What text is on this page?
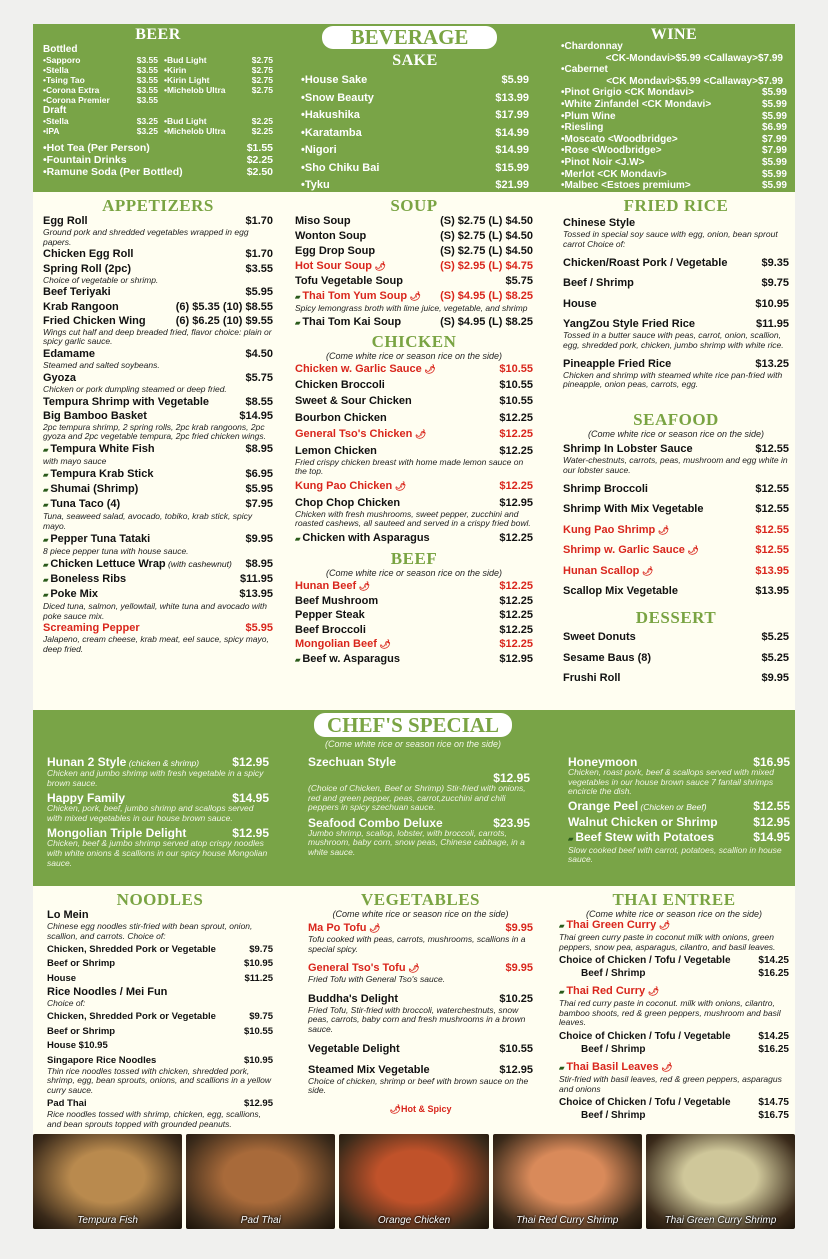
BEER
Bottled
•Sapporo	$3.55
•Stella	$3.55
•Tsing Tao	$3.55
•Corona Extra	$3.55
•Corona Premier	$3.55
•Bud Light	$2.75
•Kirin	$2.75
•Kirin Light	$2.75
•Michelob Ultra	$2.75
Draft
•Stella	$3.25
•IPA	$3.25
•Bud Light	$2.25
•Michelob Ultra	$2.25
•Hot Tea (Per Person)	$1.55
•Fountain Drinks	$2.25
•Ramune Soda (Per Bottled)	$2.50
BEVERAGE
SAKE
•House Sake	$5.99
•Snow Beauty	$13.99
•Hakushika	$17.99
•Karatamba	$14.99
•Nigori	$14.99
•Sho Chiku Bai	$15.99
•Tyku	$21.99
WINE
•Chardonnay
<CK-Mondavi>$5.99 <Callaway>$7.99
•Cabernet
<CK Mondavi>$5.99 <Callaway>$7.99
•Pinot Grigio <CK Mondavi>	$5.99
•White Zinfandel <CK Mondavi>	$5.99
•Plum Wine	$5.99
•Riesling	$6.99
•Moscato <Woodbridge>	$7.99
•Rose <Woodbridge>	$7.99
•Pinot Noir <J.W>	$5.99
•Merlot <CK Mondavi>	$5.99
•Malbec <Estoes premium>	$5.99
APPETIZERS
Egg Roll	$1.70
Ground pork and shredded vegetables wrapped in egg papers.
Chicken Egg Roll	$1.70
Spring Roll (2pc)	$3.55
Choice of vegetable or shrimp.
Beef Teriyaki	$5.95
Krab Rangoon	(6) $5.35 (10) $8.55
Fried Chicken Wing	(6) $6.25 (10) $9.55
Wings cut half and deep breaded fried, flavor choice: plain or spicy garlic sauce.
Edamame	$4.50
Steamed and salted soybeans.
Gyoza	$5.75
Chicken or pork dumpling steamed or deep fried.
Tempura Shrimp with Vegetable	$8.55
Big Bamboo Basket	$14.95
2pc tempura shrimp, 2 spring rolls, 2pc krab rangoons, 2pc gyoza and 2pc vegetable tempura, 2pc fried chicken wings.
▰ Tempura White Fish	$8.95
with mayo sauce
▰ Tempura Krab Stick	$6.95
▰ Shumai (Shrimp)	$5.95
▰ Tuna Taco (4)	$7.95
Tuna, seaweed salad, avocado, tobiko, krab stick, spicy mayo.
▰ Pepper Tuna Tataki	$9.95
8 piece pepper tuna with house sauce.
▰ Chicken Lettuce Wrap (with cashewnut)	$8.95
▰ Boneless Ribs	$11.95
▰ Poke Mix	$13.95
Diced tuna, salmon, yellowtail, white tuna and avocado with poke sauce mix.
Screaming Pepper	$5.95
Jalapeno, cream cheese, krab meat, eel sauce, spicy mayo, deep fried.
SOUP
Miso Soup	(S) $2.75 (L) $4.50
Wonton Soup	(S) $2.75 (L) $4.50
Egg Drop Soup	(S) $2.75 (L) $4.50
Hot Sour Soup 🌶	(S) $2.95 (L) $4.75
Tofu Vegetable Soup	$5.75
▰ Thai Tom Yum Soup 🌶	(S) $4.95 (L) $8.25
Spicy lemongrass broth with lime juice, vegetable, and shrimp
▰ Thai Tom Kai Soup	(S) $4.95 (L) $8.25
CHICKEN
(Come white rice or season rice on the side)
Chicken w. Garlic Sauce 🌶	$10.55
Chicken Broccoli	$10.55
Sweet & Sour Chicken	$10.55
Bourbon Chicken	$12.25
General Tso's Chicken 🌶	$12.25
Lemon Chicken	$12.25
Fried crispy chicken breast with home made lemon sauce on the top.
Kung Pao Chicken 🌶	$12.25
Chop Chop Chicken	$12.95
Chicken with fresh mushrooms, sweet pepper, zucchini and roasted cashews, all sauteed and served in a crispy fried bowl.
▰ Chicken with Asparagus	$12.25
BEEF
(Come white rice or season rice on the side)
Hunan Beef 🌶	$12.25
Beef Mushroom	$12.25
Pepper Steak	$12.25
Beef Broccoli	$12.25
Mongolian Beef 🌶	$12.25
▰ Beef w. Asparagus	$12.95
FRIED RICE
Chinese Style
Tossed in special soy sauce with egg, onion, bean sprout carrot Choice of:
Chicken/Roast Pork / Vegetable	$9.35
Beef / Shrimp	$9.75
House	$10.95
YangZou Style Fried Rice	$11.95
Tossed in a butter sauce with peas, carrot, onion, scallion, egg, shredded pork, chicken, jumbo shrimp with white rice.
Pineapple Fried Rice	$13.25
Chicken and shrimp with steamed white rice pan-fried with pineapple, onion peas, carrots, egg.
SEAFOOD
(Come white rice or season rice on the side)
Shrimp In Lobster Sauce	$12.55
Water-chestnuts, carrots, peas, mushroom and egg white in our lobster sauce.
Shrimp Broccoli	$12.55
Shrimp With Mix Vegetable	$12.55
Kung Pao Shrimp 🌶	$12.55
Shrimp w. Garlic Sauce 🌶	$12.55
Hunan Scallop 🌶	$13.95
Scallop Mix Vegetable	$13.95
DESSERT
Sweet Donuts	$5.25
Sesame Baus (8)	$5.25
Frushi Roll	$9.95
CHEF'S SPECIAL
(Come white rice or season rice on the side)
Hunan 2 Style (chicken & shrimp)	$12.95
Chicken and jumbo shrimp with fresh vegetable in a spicy brown sauce.
Happy Family	$14.95
Chicken, pork, beef, jumbo shrimp and scallops served with mixed vegetables in our house brown sauce.
Mongolian Triple Delight	$12.95
Chicken, beef & jumbo shrimp served atop crispy noodles with white onions & scallions in our spicy house Mongolian sauce.
Szechuan Style
$12.95
(Choice of Chicken, Beef or Shrimp) Stir-fried with onions, red and green pepper, peas, carrot,zucchini and chili peppers in spicy szechuan sauce.
Seafood Combo Deluxe	$23.95
Jumbo shrimp, scallop, lobster, with broccoli, carrots, mushroom, baby corn, snow peas, Chinese cabbage, in a white sauce.
Honeymoon	$16.95
Chicken, roast pork, beef & scallops served with mixed vegetables in our house brown sauce 7 fantail shrimps encircle the dish.
Orange Peel (Chicken or Beef)	$12.55
Walnut Chicken or Shrimp	$12.95
▰ Beef Stew with Potatoes	$14.95
Slow cooked beef with carrot, potatoes, scallion in house sauce.
NOODLES
Lo Mein
Chinese egg noodles stir-fried with bean sprout, onion, scallion, and carrots. Choice of:
Chicken, Shredded Pork or Vegetable	$9.75
Beef or Shrimp	$10.95
House	$11.25
Rice Noodles / Mei Fun
Choice of:
Chicken, Shredded Pork or Vegetable	$9.75
Beef or Shrimp	$10.55
House $10.95
Singapore Rice Noodles	$10.95
Thin rice noodles tossed with chicken, shredded pork, shrimp, egg, bean sprouts, onions, and scallions in a yellow curry sauce.
Pad Thai	$12.95
Rice noodles tossed with shrimp, chicken, egg, scallions, and bean sprouts topped with grounded peanuts.
VEGETABLES
(Come white rice or season rice on the side)
Ma Po Tofu 🌶	$9.95
Tofu cooked with peas, carrots, mushrooms, scallions in a special spicy.
General Tso's Tofu 🌶	$9.95
Fried Tofu with General Tso's sauce.
Buddha's Delight	$10.25
Fried Tofu, Stir-fried with broccoli, waterchestnuts, snow peas, carrots, baby corn and fresh mushrooms in a brown sauce.
Vegetable Delight	$10.55
Steamed Mix Vegetable	$12.95
Choice of chicken, shrimp or beef with brown sauce on the side.
🌶Hot & Spicy
THAI ENTREE
(Come white rice or season rice on the side)
▰ Thai Green Curry 🌶
Thai green curry paste in coconut milk with onions, green peppers, snow pea, asparagus, cilantro, and basil leaves.
Choice of Chicken / Tofu / Vegetable	$14.25
Beef / Shrimp	$16.25
▰ Thai Red Curry 🌶
Thai red curry paste in coconut. milk with onions, cilantro, bamboo shoots, red & green peppers, mushroom and basil leaves.
Choice of Chicken / Tofu / Vegetable	$14.25
Beef / Shrimp	$16.25
▰ Thai Basil Leaves 🌶
Stir-fried with basil leaves, red & green peppers, asparagus and onions
Choice of Chicken / Tofu / Vegetable	$14.75
Beef / Shrimp	$16.75
Tempura Fish	Pad Thai	Orange Chicken	Thai Red Curry Shrimp	Thai Green Curry Shrimp
